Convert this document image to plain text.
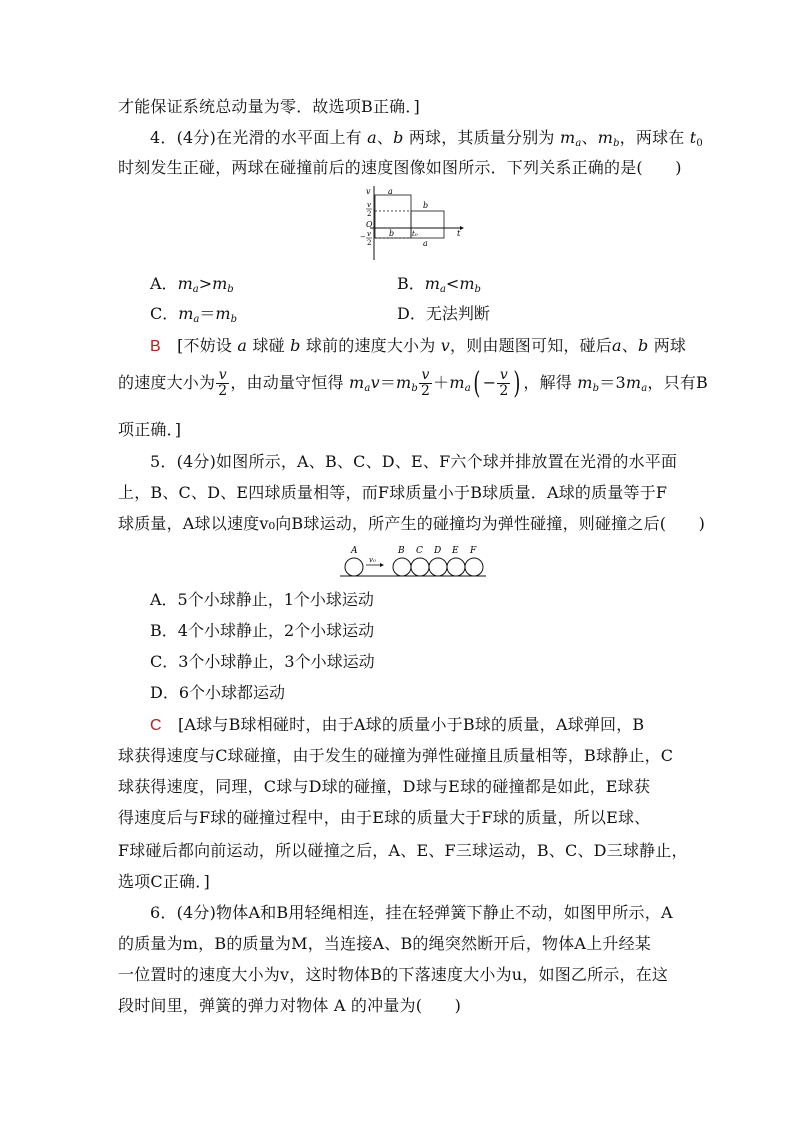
才能保证系统总动量为零．故选项B正确．]
4．(4分)在光滑的水平面上有 a、b 两球，其质量分别为 $m_a$、$m_b$，两球在 $t_0$
时刻发生正碰，两球在碰撞前后的速度图像如图所示．下列关系正确的是(　　)
a
b
b
a
t₀	t
v
v
2
O
− v
2
A．$m_a>m_b$	B．$m_a<m_b$
C．$m_a=m_b$	D．无法判断
B　 [不妨设 a 球碰 b 球前的速度大小为 v，则由题图可知，碰后a、b 两球
的速度大小为 $\frac{v}{2}$ ，由动量守恒得 $m_av=m_b \frac{v}{2} +m_a( - \frac{v}{2}$ ) ，解得 $m_b=3m_a$，只有B
项正确．]
5．(4分)如图所示，A、B、C、D、E、F六个球并排放置在光滑的水平面
上，B、C、D、E四球质量相等，而F球质量小于B球质量．A球的质量等于F
球质量，A球以速度v₀向B球运动，所产生的碰撞均为弹性碰撞，则碰撞之后(　　)
A
v₀
B C D E F
A．5个小球静止，1个小球运动
B．4个小球静止，2个小球运动
C．3个小球静止，3个小球运动
D．6个小球都运动
C　 [A球与B球相碰时，由于A球的质量小于B球的质量，A球弹回，B
球获得速度与C球碰撞，由于发生的碰撞为弹性碰撞且质量相等，B球静止，C
球获得速度，同理，C球与D球的碰撞，D球与E球的碰撞都是如此，E球获
得速度后与F球的碰撞过程中，由于E球的质量大于F球的质量，所以E球、
F球碰后都向前运动，所以碰撞之后，A、E、F三球运动，B、C、D三球静止，
选项C正确．]
6．(4分)物体A和B用轻绳相连，挂在轻弹簧下静止不动，如图甲所示，A
的质量为m，B的质量为M，当连接A、B的绳突然断开后，物体A上升经某
一位置时的速度大小为v，这时物体B的下落速度大小为u，如图乙所示，在这
段时间里，弹簧的弹力对物体 A 的冲量为(　　)
